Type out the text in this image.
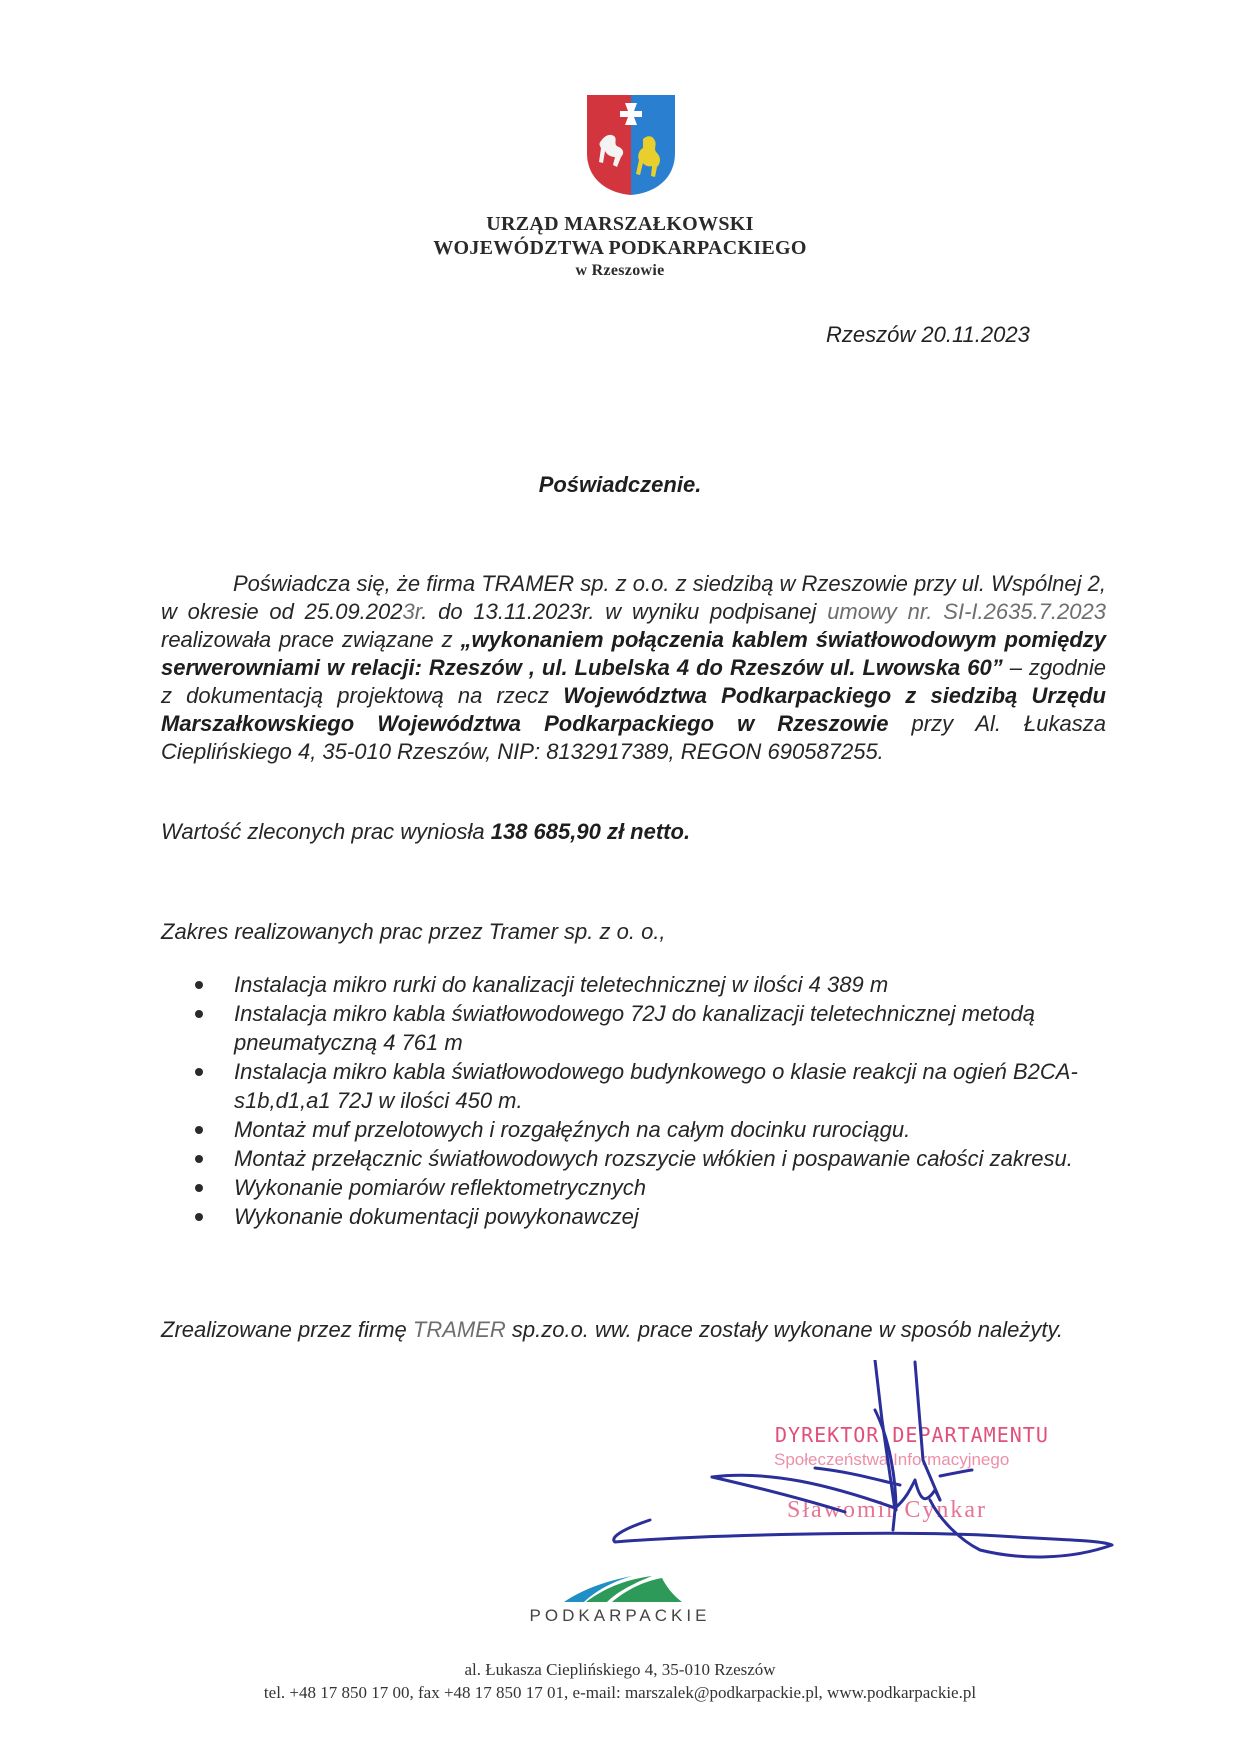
URZĄD MARSZAŁKOWSKI
WOJEWÓDZTWA PODKARPACKIEGO
w Rzeszowie
Rzeszów 20.11.2023
Poświadczenie.
Poświadcza się, że firma TRAMER sp. z o.o. z siedzibą w Rzeszowie przy ul. Wspólnej 2, w okresie od 25.09.2023r. do 13.11.2023r. w wyniku podpisanej umowy nr. SI-I.2635.7.2023 realizowała prace związane z „wykonaniem połączenia kablem światłowodowym pomiędzy serwerowniami w relacji: Rzeszów , ul. Lubelska 4 do Rzeszów ul. Lwowska 60” – zgodnie z dokumentacją projektową na rzecz Województwa Podkarpackiego z siedzibą Urzędu Marszałkowskiego Województwa Podkarpackiego w Rzeszowie przy Al. Łukasza Cieplińskiego 4, 35-010 Rzeszów, NIP: 8132917389, REGON 690587255.
Wartość zleconych prac wyniosła 138 685,90 zł netto.
Zakres realizowanych prac przez Tramer sp. z o. o.,
Instalacja mikro rurki do kanalizacji teletechnicznej w ilości 4 389 m
Instalacja mikro kabla światłowodowego 72J do kanalizacji teletechnicznej metodą pneumatyczną 4 761 m
Instalacja mikro kabla światłowodowego budynkowego o klasie reakcji na ogień B2CA- s1b,d1,a1 72J w ilości 450 m.
Montaż muf przelotowych i rozgałęźnych na całym docinku rurociągu.
Montaż przełącznic światłowodowych rozszycie włókien i pospawanie całości zakresu.
Wykonanie pomiarów reflektometrycznych
Wykonanie dokumentacji powykonawczej
Zrealizowane przez firmę TRAMER sp.zo.o. ww. prace zostały wykonane w sposób należyty.
DYREKTOR DEPARTAMENTU
Społeczeństwa Informacyjnego
Sławomir Cynkar
PODKARPACKIE
al. Łukasza Cieplińskiego 4, 35-010 Rzeszów
tel. +48 17 850 17 00, fax +48 17 850 17 01, e-mail: marszalek@podkarpackie.pl, www.podkarpackie.pl
